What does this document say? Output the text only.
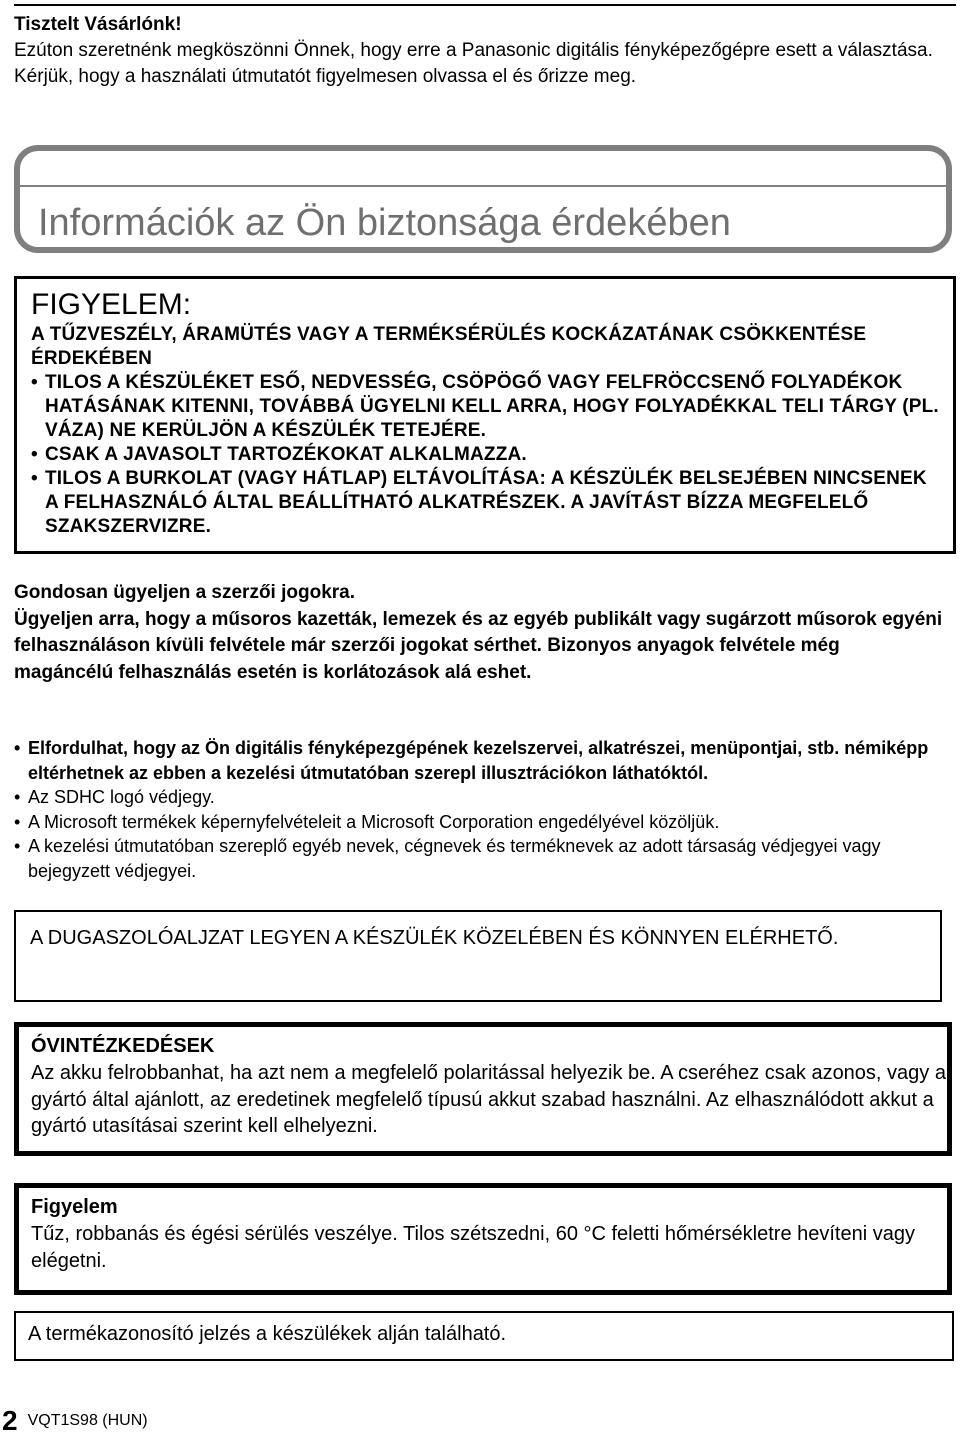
Tisztelt Vásárlónk!
Ezúton szeretnénk megköszönni Önnek, hogy erre a Panasonic digitális fényképezőgépre esett a választása. Kérjük, hogy a használati útmutatót figyelmesen olvassa el és őrizze meg.
Információk az Ön biztonsága érdekében
FIGYELEM:
A TŰZVESZÉLY, ÁRAMÜTÉS VAGY A TERMÉKSÉRÜLÉS KOCKÁZATÁNAK CSÖKKENTÉSE ÉRDEKÉBEN
• TILOS A KÉSZÜLÉKET ESŐ, NEDVESSÉG, CSÖPÖGŐ VAGY FELFRÖCCSENŐ FOLYADÉKOK HATÁSÁNAK KITENNI, TOVÁBBÁ ÜGYELNI KELL ARRA, HOGY FOLYADÉKKAL TELI TÁRGY (PL. VÁZA) NE KERÜLJÖN A KÉSZÜLÉK TETEJÉRE.
• CSAK A JAVASOLT TARTOZÉKOKAT ALKALMAZZA.
• TILOS A BURKOLAT (VAGY HÁTLAP) ELTÁVOLÍTÁSA: A KÉSZÜLÉK BELSEJÉBEN NINCSENEK A FELHASZNÁLÓ ÁLTAL BEÁLLÍTHATÓ ALKATRÉSZEK. A JAVÍTÁST BÍZZA MEGFELELŐ SZAKSZERVIZRE.
Gondosan ügyeljen a szerzői jogokra.
Ügyeljen arra, hogy a műsoros kazetták, lemezek és az egyéb publikált vagy sugárzott műsorok egyéni felhasználáson kívüli felvétele már szerzői jogokat sérthet. Bizonyos anyagok felvétele még magáncélú felhasználás esetén is korlátozások alá eshet.
• Elfordulhat, hogy az Ön digitális fényképezgépének kezelszervei, alkatrészei, menüpontjai, stb. némiképp eltérhetnek az ebben a kezelési útmutatóban szerepl illusztrációkon láthatóktól.
• Az SDHC logó védjegy.
• A Microsoft termékek képernyfelvételeit a Microsoft Corporation engedélyével közöljük.
• A kezelési útmutatóban szereplő egyéb nevek, cégnevek és terméknevek az adott társaság védjegyei vagy bejegyzett védjegyei.

A DUGASZOLÓALJZAT LEGYEN A KÉSZÜLÉK KÖZELÉBEN ÉS KÖNNYEN ELÉRHETŐ.

ÓVINTÉZKEDÉSEK
Az akku felrobbanhat, ha azt nem a megfelelő polaritással helyezik be. A cseréhez csak azonos, vagy a gyártó által ajánlott, az eredetinek megfelelő típusú akkut szabad használni. Az elhasználódott akkut a gyártó utasításai szerint kell elhelyezni.
Figyelem
Tűz, robbanás és égési sérülés veszélye. Tilos szétszedni, 60 °C feletti hőmérsékletre hevíteni vagy elégetni.

A termékazonosító jelzés a készülékek alján található.

2 VQT1S98 (HUN)
